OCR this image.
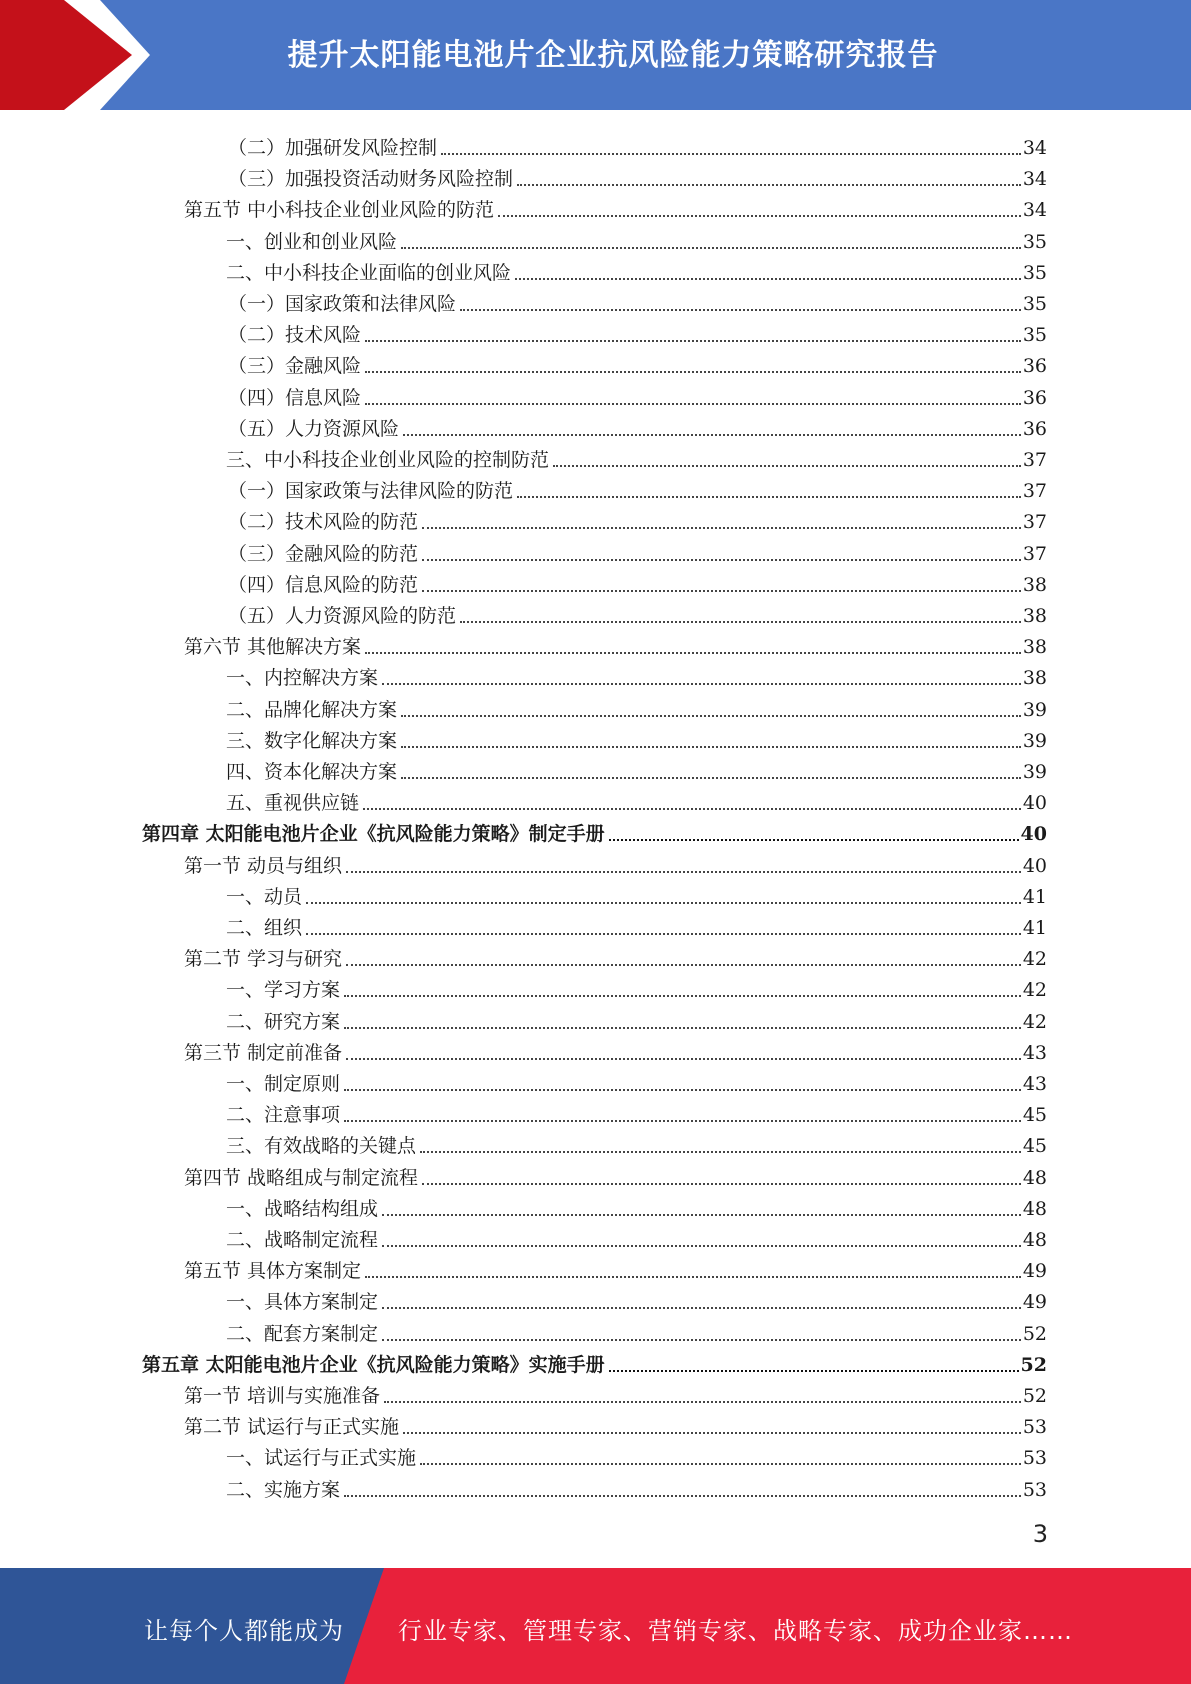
提升太阳能电池片企业抗风险能力策略研究报告
（二）加强研发风险控制	34
（三）加强投资活动财务风险控制	34
第五节 中小科技企业创业风险的防范	34
一、创业和创业风险	35
二、中小科技企业面临的创业风险	35
（一）国家政策和法律风险	35
（二）技术风险	35
（三）金融风险	36
（四）信息风险	36
（五）人力资源风险	36
三、中小科技企业创业风险的控制防范	37
（一）国家政策与法律风险的防范	37
（二）技术风险的防范	37
（三）金融风险的防范	37
（四）信息风险的防范	38
（五）人力资源风险的防范	38
第六节 其他解决方案	38
一、内控解决方案	38
二、品牌化解决方案	39
三、数字化解决方案	39
四、资本化解决方案	39
五、重视供应链	40
第四章 太阳能电池片企业《抗风险能力策略》制定手册	40
第一节 动员与组织	40
一、动员	41
二、组织	41
第二节 学习与研究	42
一、学习方案	42
二、研究方案	42
第三节 制定前准备	43
一、制定原则	43
二、注意事项	45
三、有效战略的关键点	45
第四节 战略组成与制定流程	48
一、战略结构组成	48
二、战略制定流程	48
第五节 具体方案制定	49
一、具体方案制定	49
二、配套方案制定	52
第五章 太阳能电池片企业《抗风险能力策略》实施手册	52
第一节 培训与实施准备	52
第二节 试运行与正式实施	53
一、试运行与正式实施	53
二、实施方案	53
3
让每个人都能成为 行业专家、管理专家、营销专家、战略专家、成功企业家……
